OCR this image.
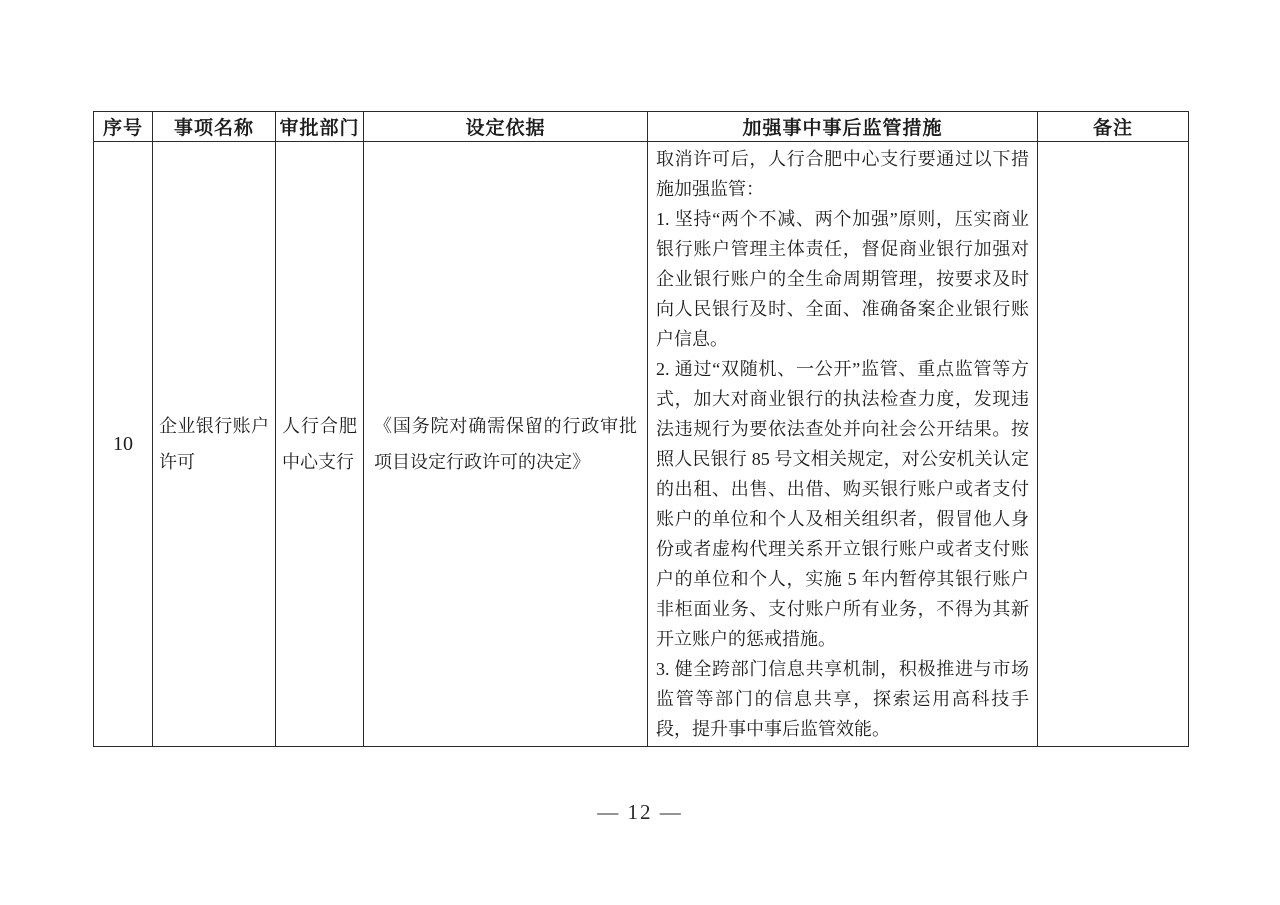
序号	事项名称	审批部门	设定依据	加强事中事后监管措施	备注
10	企业银行账户许可	人行合肥中心支行	《国务院对确需保留的行政审批项目设定行政许可的决定》	取消许可后，人行合肥中心支行要通过以下措施加强监管：

1. 坚持“两个不减、两个加强”原则，压实商业银行账户管理主体责任，督促商业银行加强对企业银行账户的全生命周期管理，按要求及时向人民银行及时、全面、准确备案企业银行账户信息。

2. 通过“双随机、一公开”监管、重点监管等方式，加大对商业银行的执法检查力度，发现违法违规行为要依法查处并向社会公开结果。按照人民银行 85 号文相关规定，对公安机关认定的出租、出售、出借、购买银行账户或者支付账户的单位和个人及相关组织者，假冒他人身份或者虚构代理关系开立银行账户或者支付账户的单位和个人，实施 5 年内暂停其银行账户非柜面业务、支付账户所有业务，不得为其新开立账户的惩戒措施。

3. 健全跨部门信息共享机制，积极推进与市场监管等部门的信息共享，探索运用高科技手段，提升事中事后监管效能。	

— 12 —
